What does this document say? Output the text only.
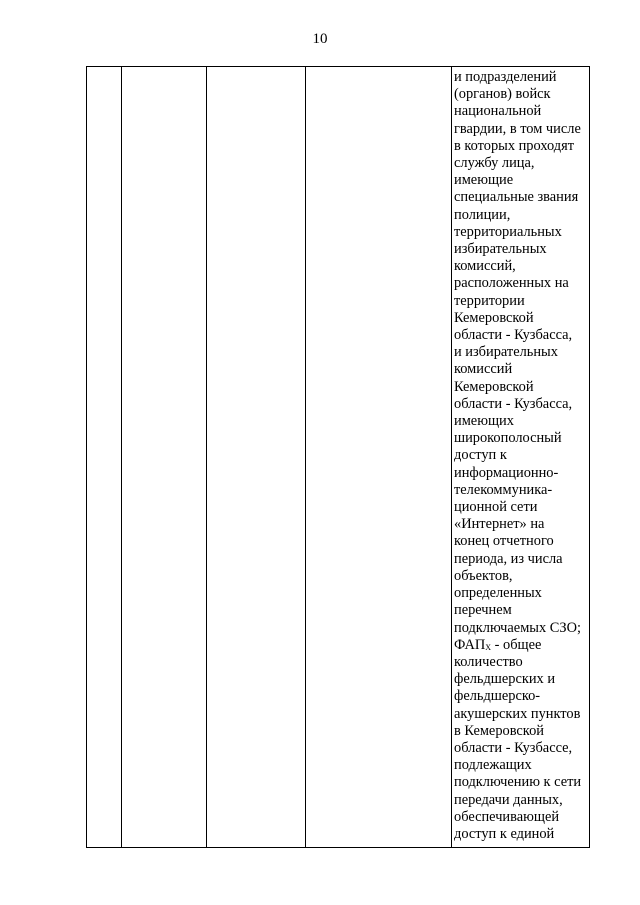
10

и подразделений
(органов) войск
национальной
гвардии, в том числе
в которых проходят
службу лица,
имеющие
специальные звания
полиции,
территориальных
избирательных
комиссий,
расположенных на
территории
Кемеровской
области - Кузбасса,
и избирательных
комиссий
Кемеровской
области - Кузбасса,
имеющих
широкополосный
доступ к
информационно-
телекоммуника-
ционной сети
«Интернет» на
конец отчетного
периода, из числа
объектов,
определенных
перечнем
подключаемых СЗО;
$ФАП_Х$ - общее
количество
фельдшерских и
фельдшерско-
акушерских пунктов
в Кемеровской
области - Кузбассе,
подлежащих
подключению к сети
передачи данных,
обеспечивающей
доступ к единой
